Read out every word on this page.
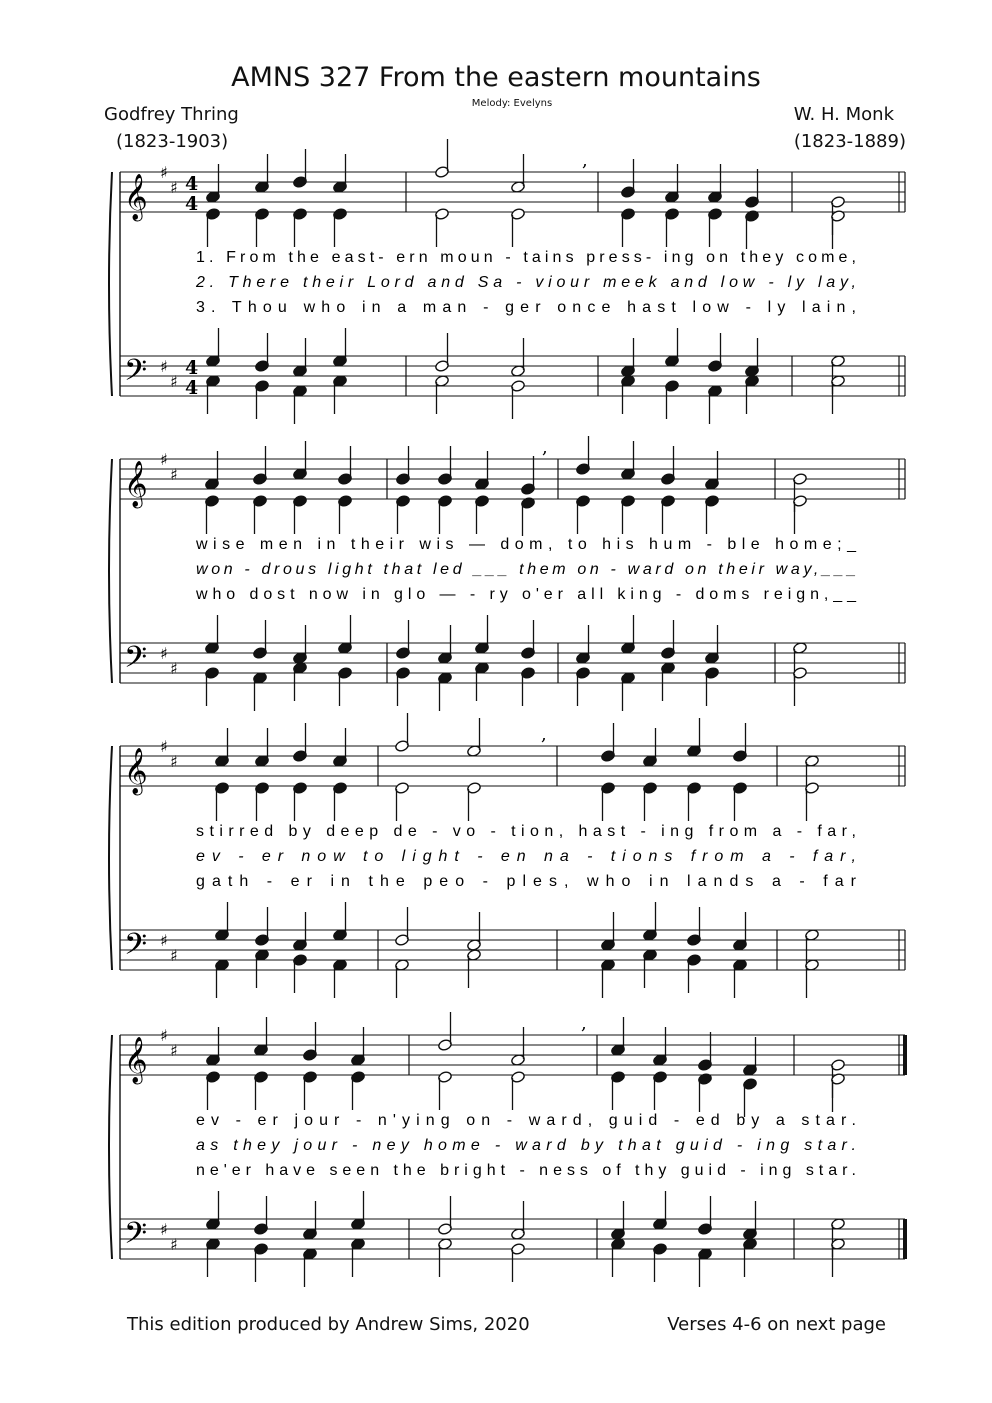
AMNS 327 From the eastern mountains
Melody: Evelyns
Godfrey Thring
(1823-1903)
W. H. Monk
(1823-1889)
𝄞
♯
♯ 4
4
𝄢 ♯
♯
4
4
,
1. From the east- ern moun - tains press- ing on they come,
2. There their Lord and Sa - viour meek and low - ly lay,
3. Thou who in a man - ger once hast low - ly lain,
𝄞
♯
♯
𝄢 ♯
♯
,
wise men in their wis — dom, to his hum - ble home;_
won - drous light that led ___ them on - ward on their way,___
who dost now in glo — - ry o'er all king - doms reign,__
𝄞
♯
♯
𝄢 ♯
♯
,
stirred by deep de - vo - tion, hast - ing from a - far,
ev - er now to light - en na - tions from a - far,
gath - er in the peo - ples, who in lands a - far
𝄞
♯
♯
𝄢 ♯
♯
,
ev - er jour - n'ying on - ward, guid - ed by a star.
as they jour - ney home - ward by that guid - ing star.
ne'er have seen the bright - ness of thy guid - ing star.
This edition produced by Andrew Sims, 2020	Verses 4-6 on next page
